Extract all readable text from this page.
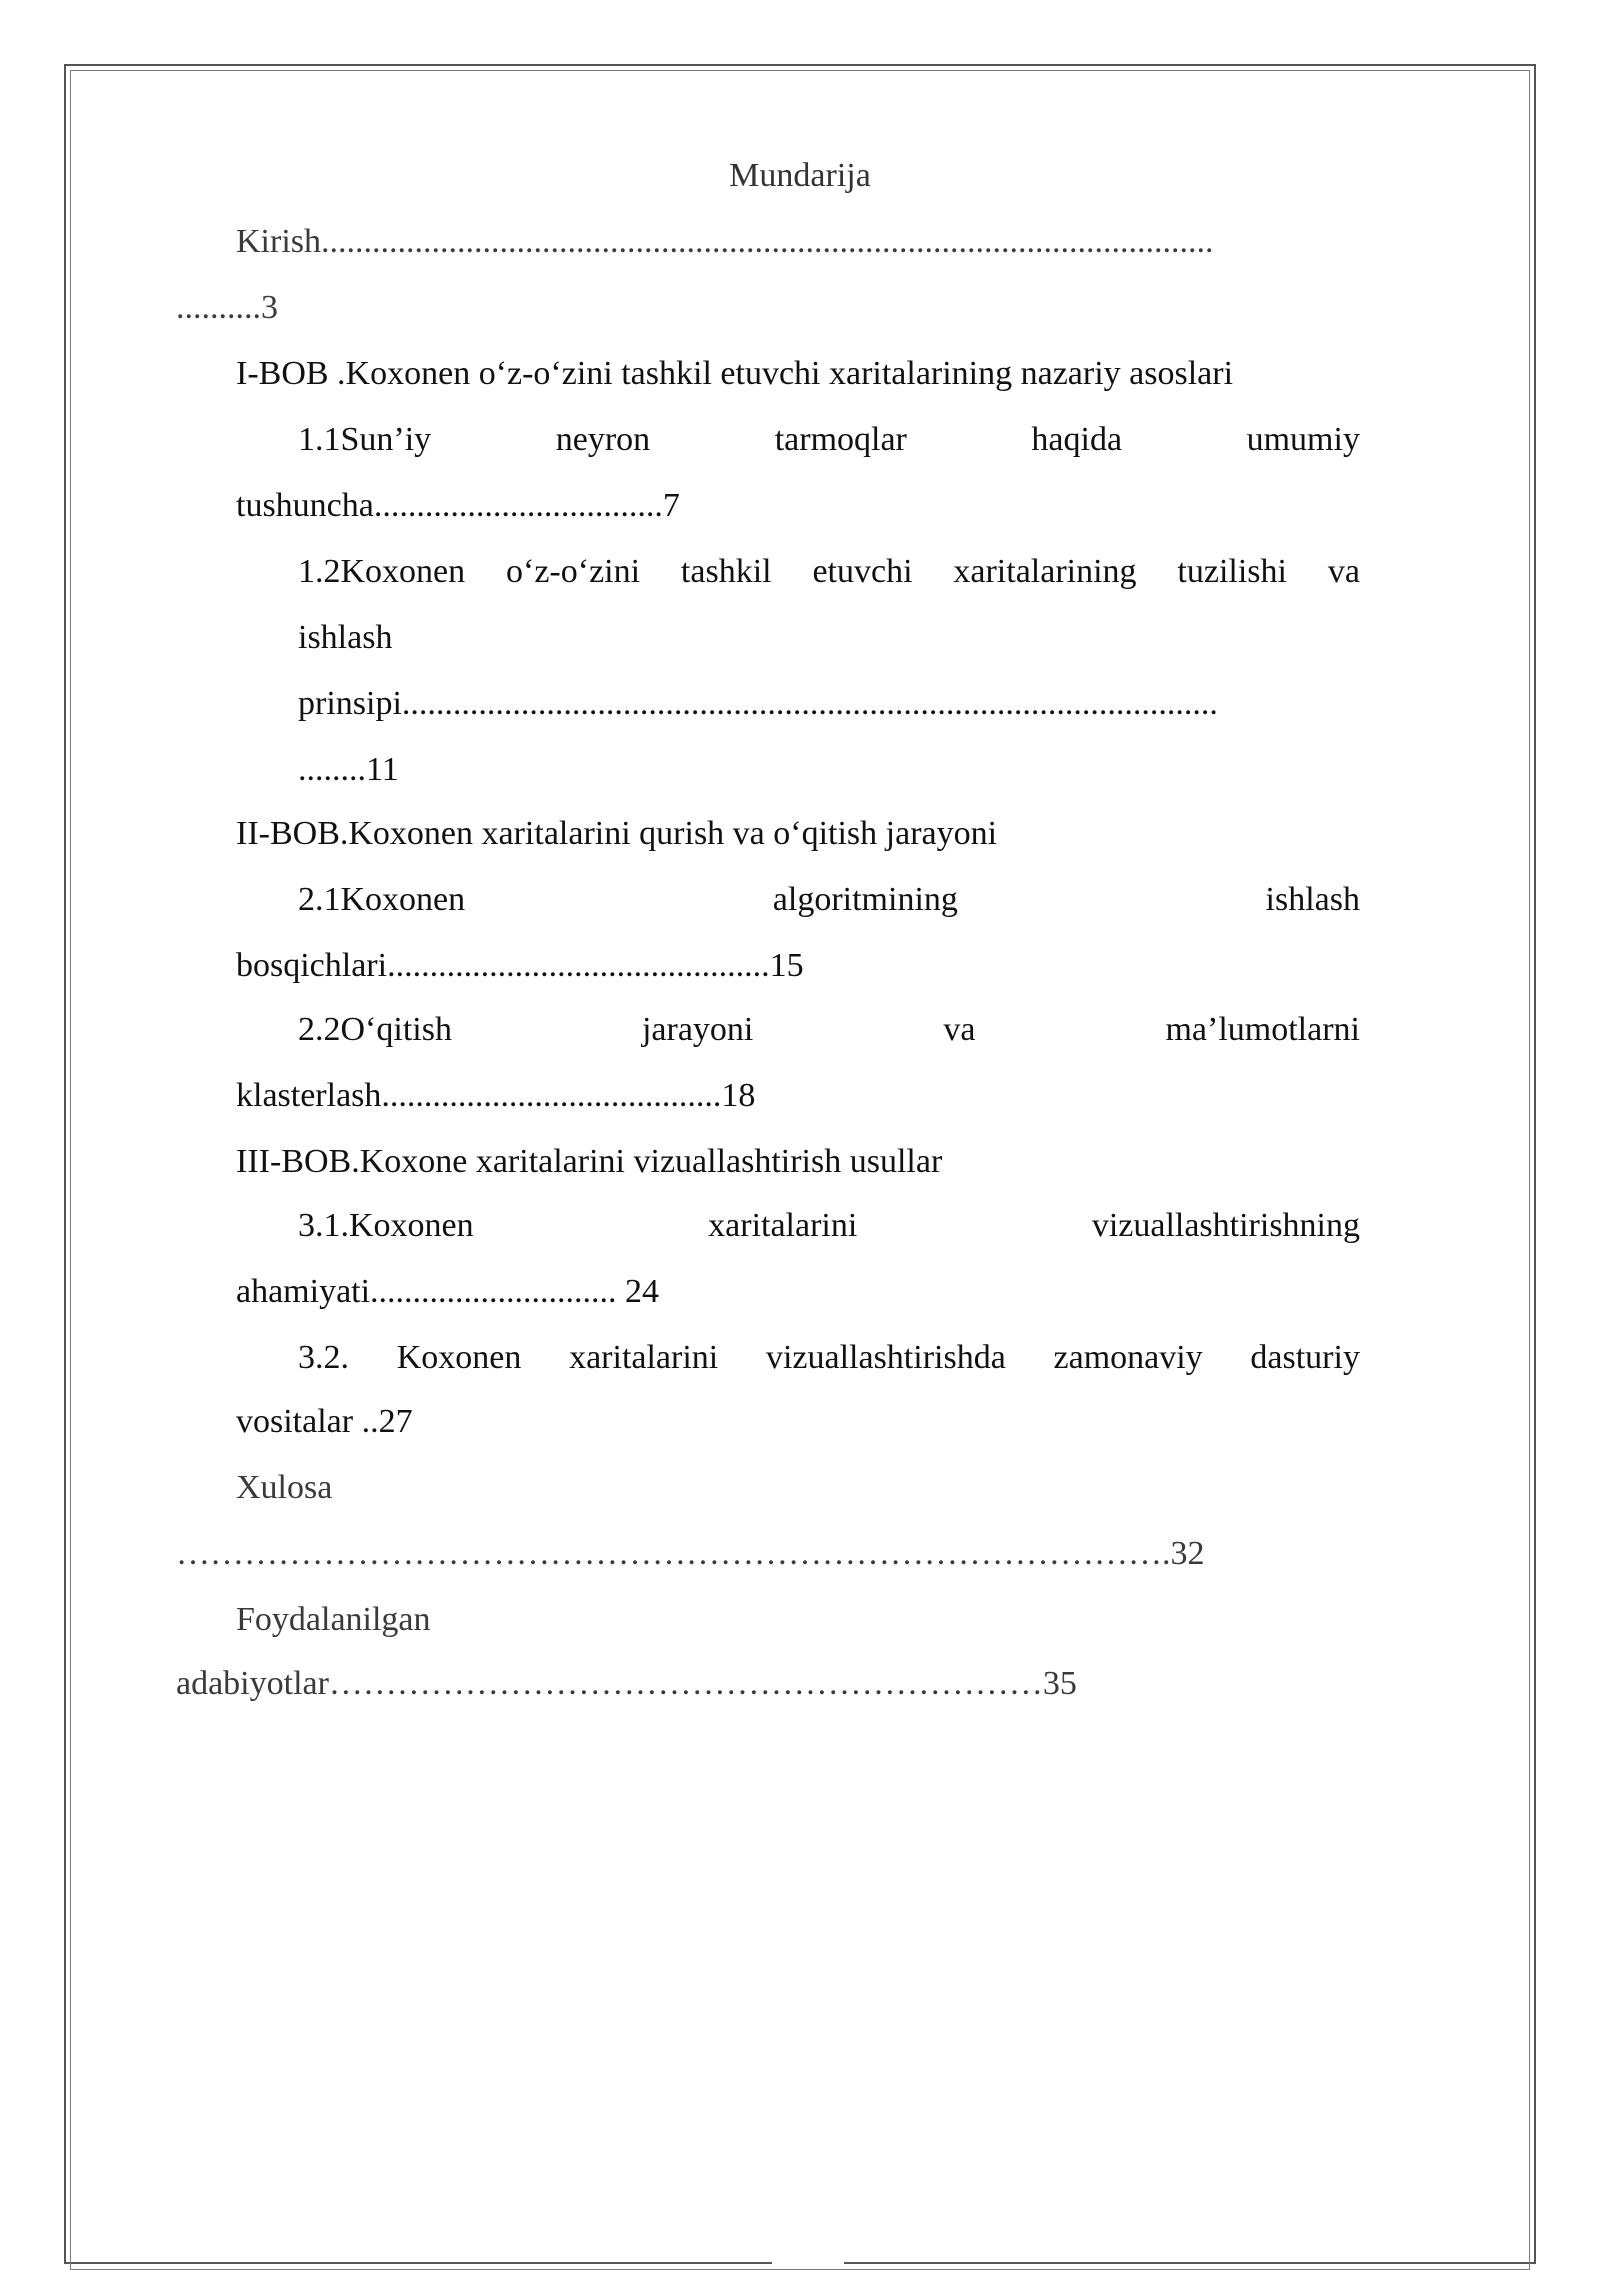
Mundarija
Kirish.........................................................................................................
..........3
I-BOB .Koxonen o‘z-o‘zini tashkil etuvchi xaritalarining nazariy asoslari
1.1Sun’iy	neyron	tarmoqlar	haqida	umumiy
tushuncha..................................7
1.2Koxonen o‘z-o‘zini tashkil etuvchi xaritalarining tuzilishi va
ishlash
prinsipi................................................................................................
........11
II-BOB.Koxonen xaritalarini qurish va o‘qitish jarayoni
2.1Koxonen	algoritmining	ishlash
bosqichlari.............................................15
2.2O‘qitish	jarayoni	va	ma’lumotlarni
klasterlash........................................18
III-BOB.Koxone xaritalarini vizuallashtirish usullar
3.1.Koxonen	xaritalarini	vizuallashtirishning
ahamiyati............................. 24
3.2. Koxonen xaritalarini vizuallashtirishda zamonaviy dasturiy
vositalar ..27
Xulosa
…………………………………………………………………………….32
Foydalanilgan
adabiyotlar………………………………………………………35
